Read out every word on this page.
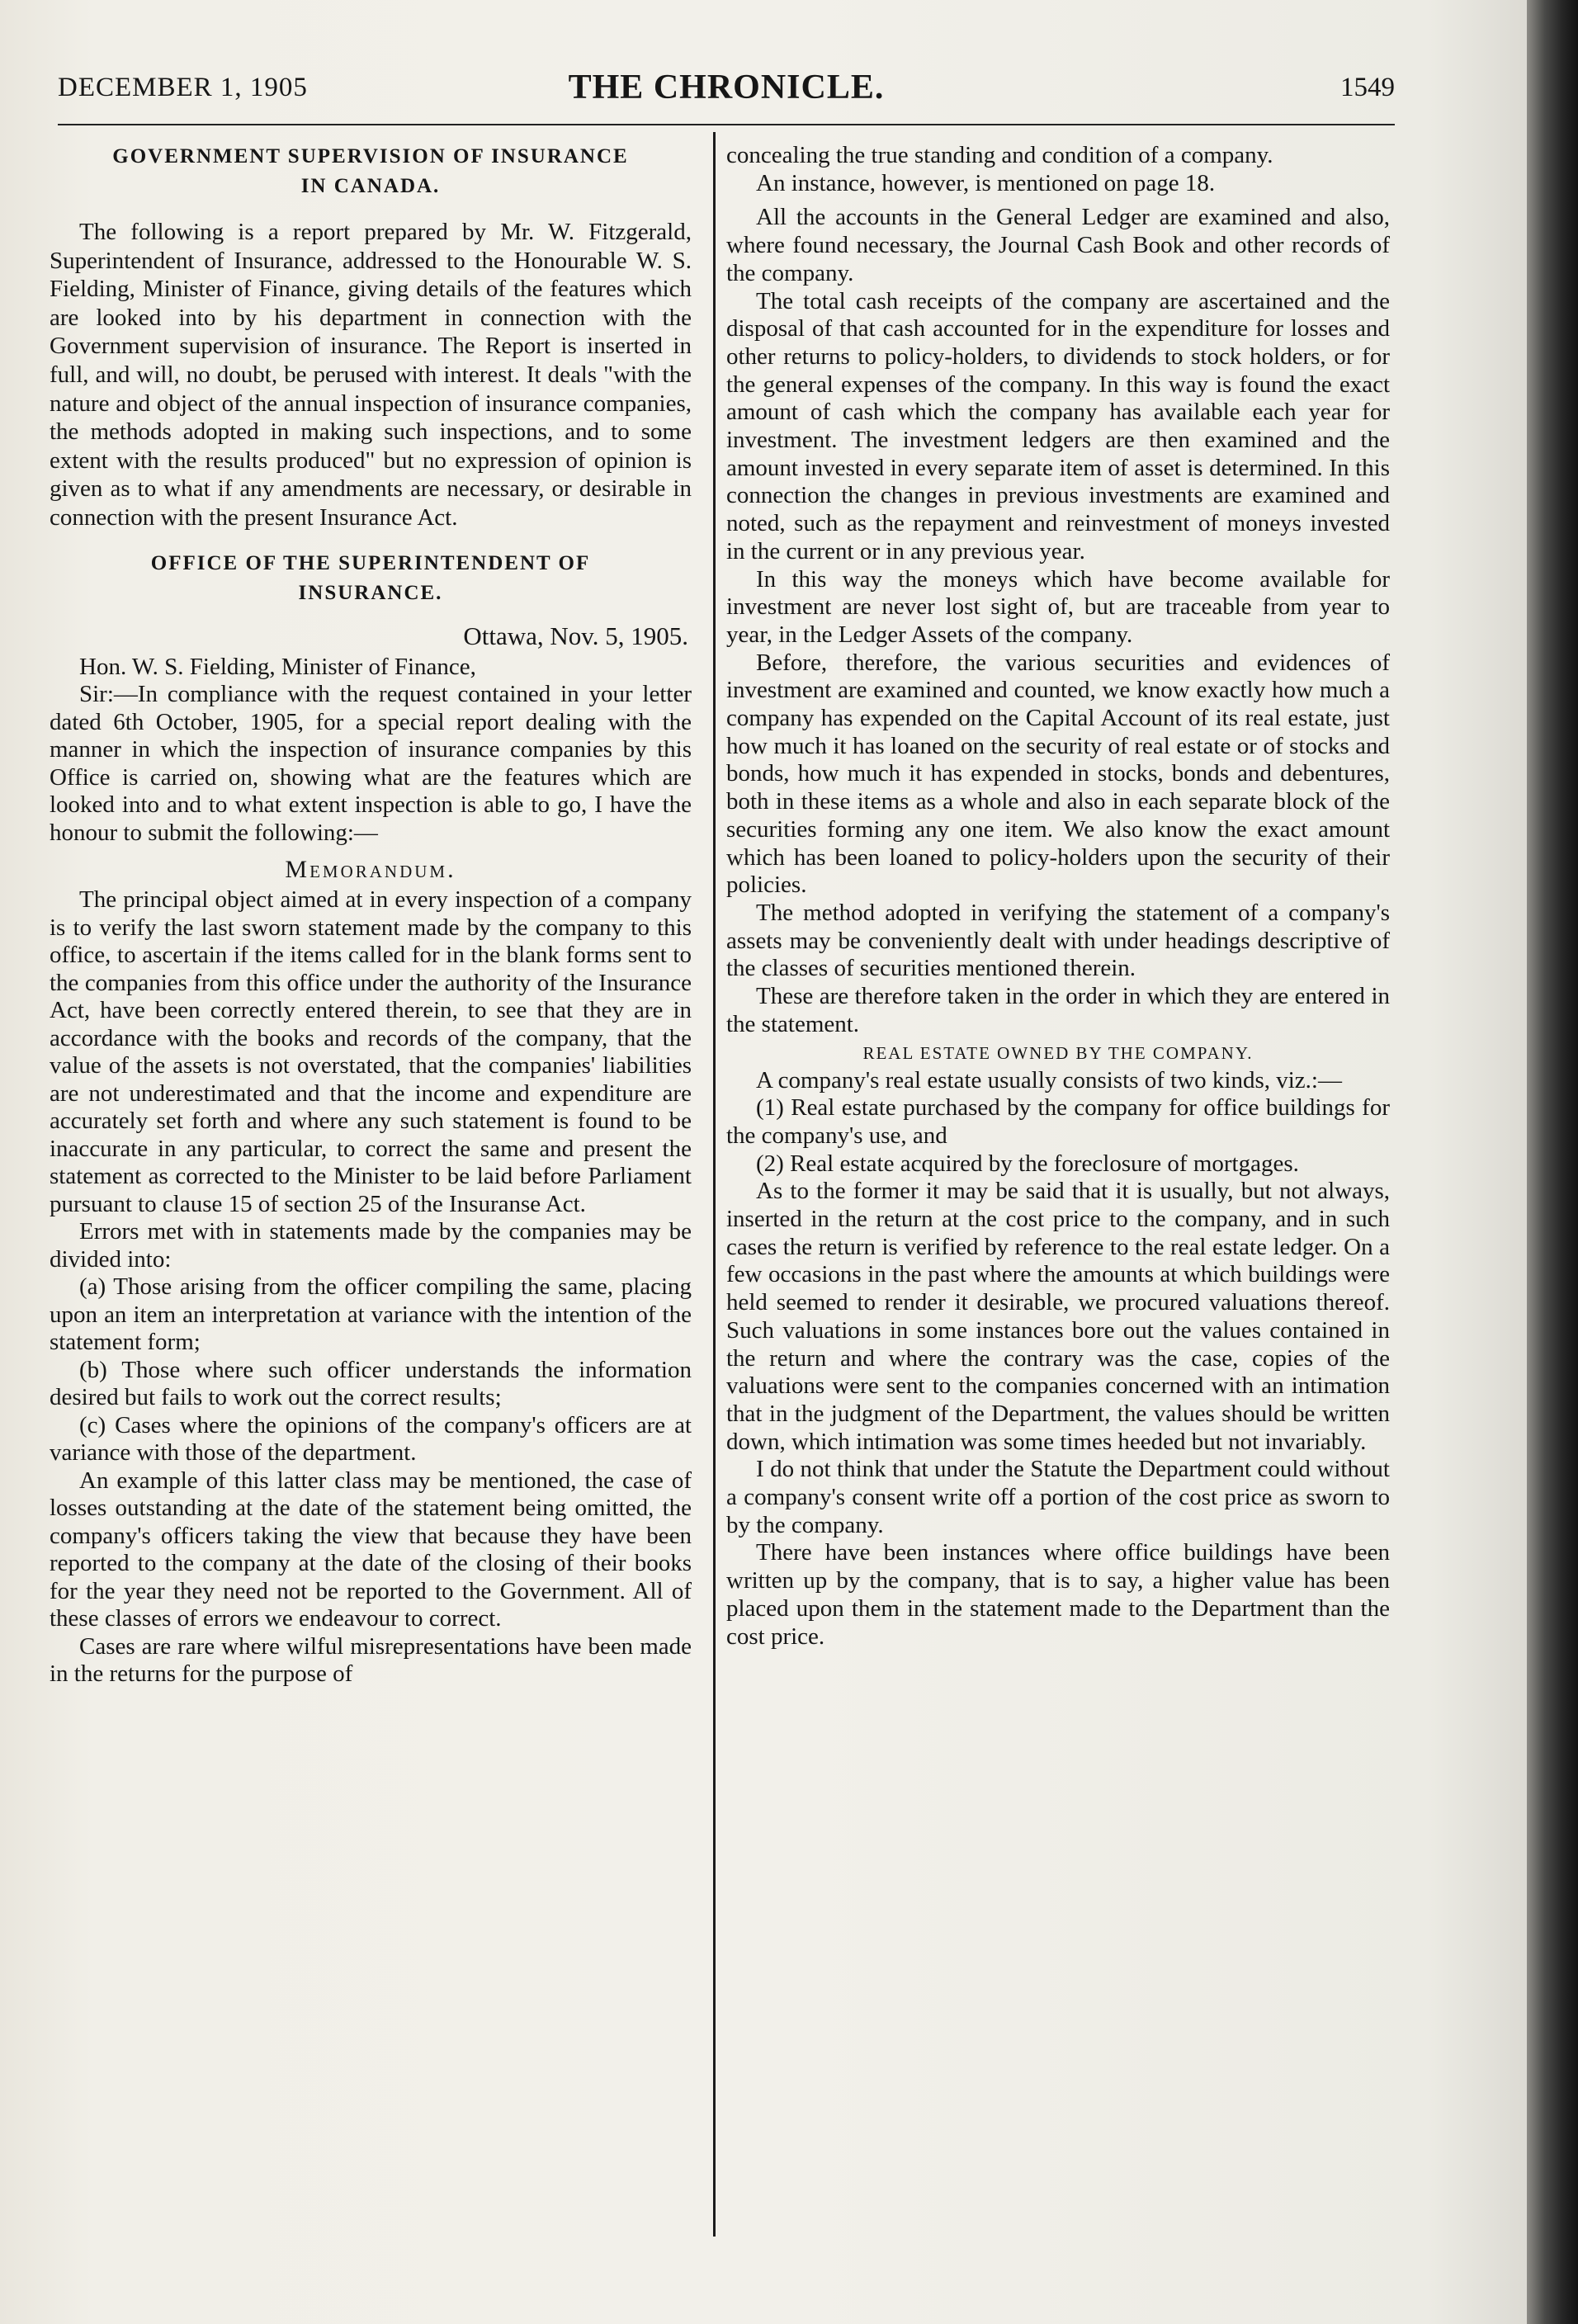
DECEMBER 1, 1905	THE CHRONICLE.	1549
GOVERNMENT SUPERVISION OF INSURANCE
IN CANADA.

The following is a report prepared by Mr. W. Fitzgerald, Superintendent of Insurance, addressed to the Honourable W. S. Fielding, Minister of Finance, giving details of the features which are looked into by his department in connection with the Government supervision of insurance. The Report is inserted in full, and will, no doubt, be perused with interest. It deals "with the nature and object of the annual inspection of insurance companies, the methods adopted in making such inspections, and to some extent with the results produced" but no expression of opinion is given as to what if any amendments are necessary, or desirable in connection with the present Insurance Act.

OFFICE OF THE SUPERINTENDENT OF
INSURANCE.
Ottawa, Nov. 5, 1905.

Hon. W. S. Fielding, Minister of Finance,

Sir:—In compliance with the request contained in your letter dated 6th October, 1905, for a special report dealing with the manner in which the inspection of insurance companies by this Office is carried on, showing what are the features which are looked into and to what extent inspection is able to go, I have the honour to submit the following:—

Memorandum.

The principal object aimed at in every inspection of a company is to verify the last sworn statement made by the company to this office, to ascertain if the items called for in the blank forms sent to the companies from this office under the authority of the Insurance Act, have been correctly entered therein, to see that they are in accordance with the books and records of the company, that the value of the assets is not overstated, that the companies' liabilities are not underestimated and that the income and expenditure are accurately set forth and where any such statement is found to be inaccurate in any particular, to correct the same and present the statement as corrected to the Minister to be laid before Parliament pursuant to clause 15 of section 25 of the Insuranse Act.

Errors met with in statements made by the companies may be divided into:

(a) Those arising from the officer compiling the same, placing upon an item an interpretation at variance with the intention of the statement form;

(b) Those where such officer understands the information desired but fails to work out the correct results;

(c) Cases where the opinions of the company's officers are at variance with those of the department.

An example of this latter class may be mentioned, the case of losses outstanding at the date of the statement being omitted, the company's officers taking the view that because they have been reported to the company at the date of the closing of their books for the year they need not be reported to the Government. All of these classes of errors we endeavour to correct.

Cases are rare where wilful misrepresentations have been made in the returns for the purpose of

concealing the true standing and condition of a company.

An instance, however, is mentioned on page 18.

All the accounts in the General Ledger are examined and also, where found necessary, the Journal Cash Book and other records of the company.

The total cash receipts of the company are ascertained and the disposal of that cash accounted for in the expenditure for losses and other returns to policy-holders, to dividends to stock holders, or for the general expenses of the company. In this way is found the exact amount of cash which the company has available each year for investment. The investment ledgers are then examined and the amount invested in every separate item of asset is determined. In this connection the changes in previous investments are examined and noted, such as the repayment and reinvestment of moneys invested in the current or in any previous year.

In this way the moneys which have become available for investment are never lost sight of, but are traceable from year to year, in the Ledger Assets of the company.

Before, therefore, the various securities and evidences of investment are examined and counted, we know exactly how much a company has expended on the Capital Account of its real estate, just how much it has loaned on the security of real estate or of stocks and bonds, how much it has expended in stocks, bonds and debentures, both in these items as a whole and also in each separate block of the securities forming any one item. We also know the exact amount which has been loaned to policy-holders upon the security of their policies.

The method adopted in verifying the statement of a company's assets may be conveniently dealt with under headings descriptive of the classes of securities mentioned therein.

These are therefore taken in the order in which they are entered in the statement.

REAL ESTATE OWNED BY THE COMPANY.

A company's real estate usually consists of two kinds, viz.:—

(1) Real estate purchased by the company for office buildings for the company's use, and

(2) Real estate acquired by the foreclosure of mortgages.

As to the former it may be said that it is usually, but not always, inserted in the return at the cost price to the company, and in such cases the return is verified by reference to the real estate ledger. On a few occasions in the past where the amounts at which buildings were held seemed to render it desirable, we procured valuations thereof. Such valuations in some instances bore out the values contained in the return and where the contrary was the case, copies of the valuations were sent to the companies concerned with an intimation that in the judgment of the Department, the values should be written down, which intimation was some times heeded but not invariably.

I do not think that under the Statute the Department could without a company's consent write off a portion of the cost price as sworn to by the company.

There have been instances where office buildings have been written up by the company, that is to say, a higher value has been placed upon them in the statement made to the Department than the cost price.
